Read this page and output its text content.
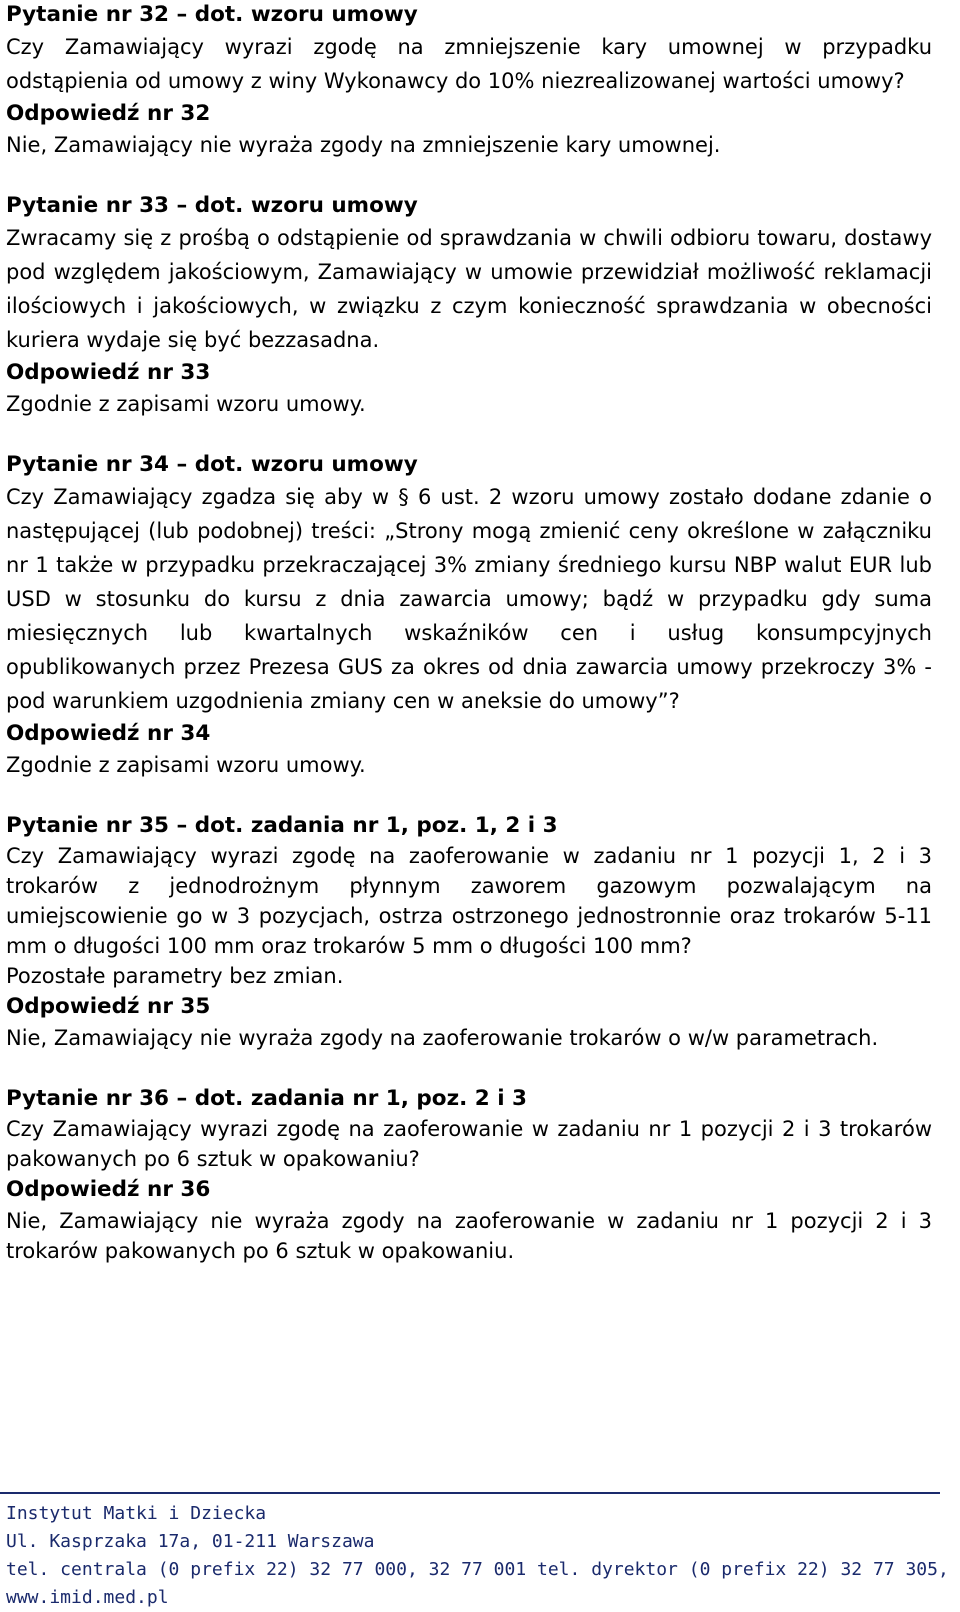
Pytanie nr 32 – dot. wzoru umowy

Czy Zamawiający wyrazi zgodę na zmniejszenie kary umownej w przypadku odstąpienia od umowy z winy Wykonawcy do 10% niezrealizowanej wartości umowy?

Odpowiedź nr 32

Nie, Zamawiający nie wyraża zgody na zmniejszenie kary umownej.

Pytanie nr 33 – dot. wzoru umowy

Zwracamy się z prośbą o odstąpienie od sprawdzania w chwili odbioru towaru, dostawy pod względem jakościowym, Zamawiający w umowie przewidział możliwość reklamacji ilościowych i jakościowych, w związku z czym konieczność sprawdzania w obecności kuriera wydaje się być bezzasadna.

Odpowiedź nr 33

Zgodnie z zapisami wzoru umowy.

Pytanie nr 34 – dot. wzoru umowy

Czy Zamawiający zgadza się aby w § 6 ust. 2 wzoru umowy zostało dodane zdanie o następującej (lub podobnej) treści: „Strony mogą zmienić ceny określone w załączniku nr 1 także w przypadku przekraczającej 3% zmiany średniego kursu NBP walut EUR lub USD w stosunku do kursu z dnia zawarcia umowy; bądź w przypadku gdy suma miesięcznych lub kwartalnych wskaźników cen i usług konsumpcyjnych opublikowanych przez Prezesa GUS za okres od dnia zawarcia umowy przekroczy 3% - pod warunkiem uzgodnienia zmiany cen w aneksie do umowy”?

Odpowiedź nr 34

Zgodnie z zapisami wzoru umowy.

Pytanie nr 35 – dot. zadania nr 1, poz. 1, 2 i 3

Czy Zamawiający wyrazi zgodę na zaoferowanie w zadaniu nr 1 pozycji 1, 2 i 3 trokarów z jednodrożnym płynnym zaworem gazowym pozwalającym na umiejscowienie go w 3 pozycjach, ostrza ostrzonego jednostronnie oraz trokarów 5-11 mm o długości 100 mm oraz trokarów 5 mm o długości 100 mm?

Pozostałe parametry bez zmian.

Odpowiedź nr 35

Nie, Zamawiający nie wyraża zgody na zaoferowanie trokarów o w/w parametrach.

Pytanie nr 36 – dot. zadania nr 1, poz. 2 i 3

Czy Zamawiający wyrazi zgodę na zaoferowanie w zadaniu nr 1 pozycji 2 i 3 trokarów pakowanych po 6 sztuk w opakowaniu?

Odpowiedź nr 36

Nie, Zamawiający nie wyraża zgody na zaoferowanie w zadaniu nr 1 pozycji 2 i 3 trokarów pakowanych po 6 sztuk w opakowaniu.

Instytut Matki i Dziecka

Ul. Kasprzaka 17a, 01-211 Warszawa

tel. centrala (0 prefix 22) 32 77 000, 32 77 001 tel. dyrektor (0 prefix 22) 32 77 305,

www.imid.med.pl
